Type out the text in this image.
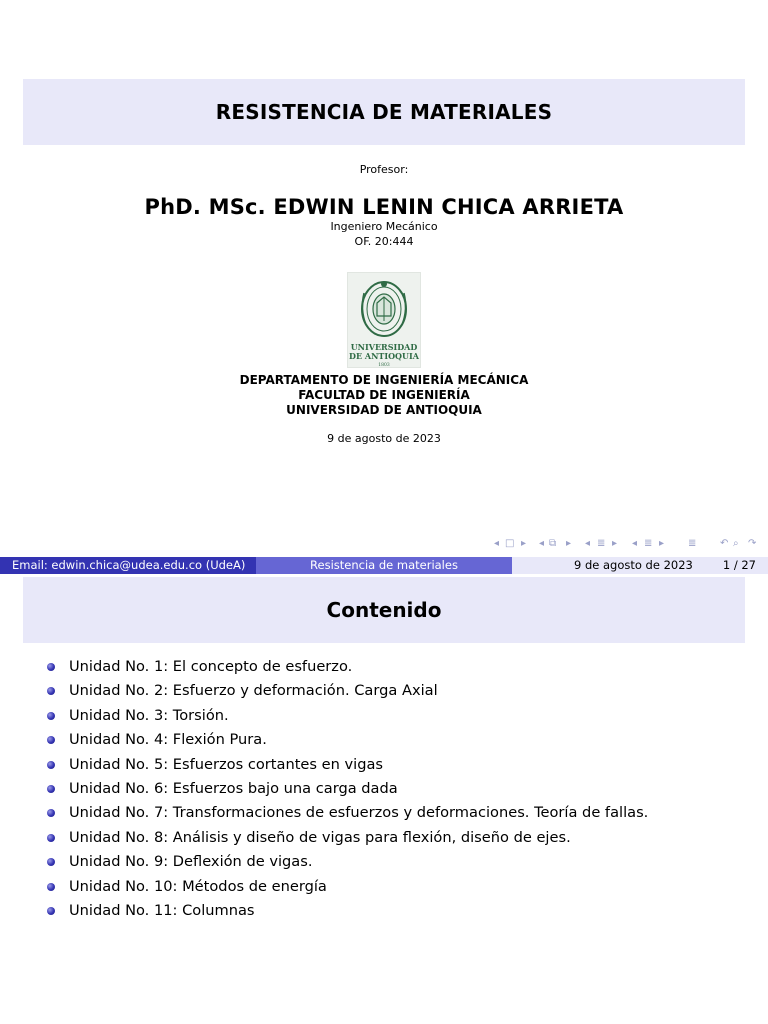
RESISTENCIA DE MATERIALES
Profesor:
PhD. MSc. EDWIN LENIN CHICA ARRIETA
Ingeniero Mecánico
OF. 20:444
UNIVERSIDAD
DE ANTIOQUIA
1803
DEPARTAMENTO DE INGENIERÍA MECÁNICA
FACULTAD DE INGENIERÍA
UNIVERSIDAD DE ANTIOQUIA
9 de agosto de 2023
◂ □ ▸ ◂ ⧉ ▸ ◂ ≣ ▸ ◂ ≣ ▸ ≣ ↶ ⌕ ↷
Email: edwin.chica@udea.edu.co (UdeA)	Resistencia de materiales	9 de agosto de 2023	1 / 27
Contenido
Unidad No. 1: El concepto de esfuerzo.
Unidad No. 2: Esfuerzo y deformación. Carga Axial
Unidad No. 3: Torsión.
Unidad No. 4: Flexión Pura.
Unidad No. 5: Esfuerzos cortantes en vigas
Unidad No. 6: Esfuerzos bajo una carga dada
Unidad No. 7: Transformaciones de esfuerzos y deformaciones. Teoría de fallas.
Unidad No. 8: Análisis y diseño de vigas para flexión, diseño de ejes.
Unidad No. 9: Deflexión de vigas.
Unidad No. 10: Métodos de energía
Unidad No. 11: Columnas
